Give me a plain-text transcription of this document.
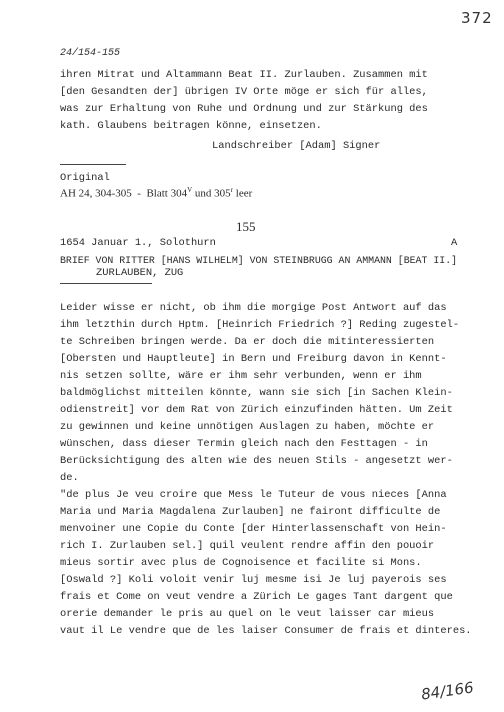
372
24/154-155
ihren Mitrat und Altammann Beat II. Zurlauben. Zusammen mit
[den Gesandten der] übrigen IV Orte möge er sich für alles,
was zur Erhaltung von Ruhe und Ordnung und zur Stärkung des
kath. Glaubens beitragen könne, einsetzen.
Landschreiber [Adam] Signer
Original
AH 24, 304-305  -  Blatt $304^V$ und 305$^r$ leer
155
1654 Januar 1., Solothurn	A
BRIEF VON RITTER [HANS WILHELM] VON STEINBRUGG AN AMMANN [BEAT II.]
ZURLAUBEN, ZUG
Leider wisse er nicht, ob ihm die morgige Post Antwort auf das
ihm letzthin durch Hptm. [Heinrich Friedrich ?] Reding zugestel-
te Schreiben bringen werde. Da er doch die mitinteressierten
[Obersten und Hauptleute] in Bern und Freiburg davon in Kennt-
nis setzen sollte, wäre er ihm sehr verbunden, wenn er ihm
baldmöglichst mitteilen könnte, wann sie sich [in Sachen Klein-
odienstreit] vor dem Rat von Zürich einzufinden hätten. Um Zeit
zu gewinnen und keine unnötigen Auslagen zu haben, möchte er
wünschen, dass dieser Termin gleich nach den Festtagen - in
Berücksichtigung des alten wie des neuen Stils - angesetzt wer-
de.
"de plus Je veu croire que Mess le Tuteur de vous nieces [Anna
Maria und Maria Magdalena Zurlauben] ne fairont difficulte de
menvoiner une Copie du Conte [der Hinterlassenschaft von Hein-
rich I. Zurlauben sel.] quil veulent rendre affin den pouoir
mieus sortir avec plus de Cognoisence et facilite si Mons.
[Oswald ?] Koli voloit venir luj mesme isi Je luj payerois ses
frais et Come on veut vendre a Zürich Le gages Tant dargent que
orerie demander le pris au quel on le veut laisser car mieus
vaut il Le vendre que de les laiser Consumer de frais et dinteres.
84/166
